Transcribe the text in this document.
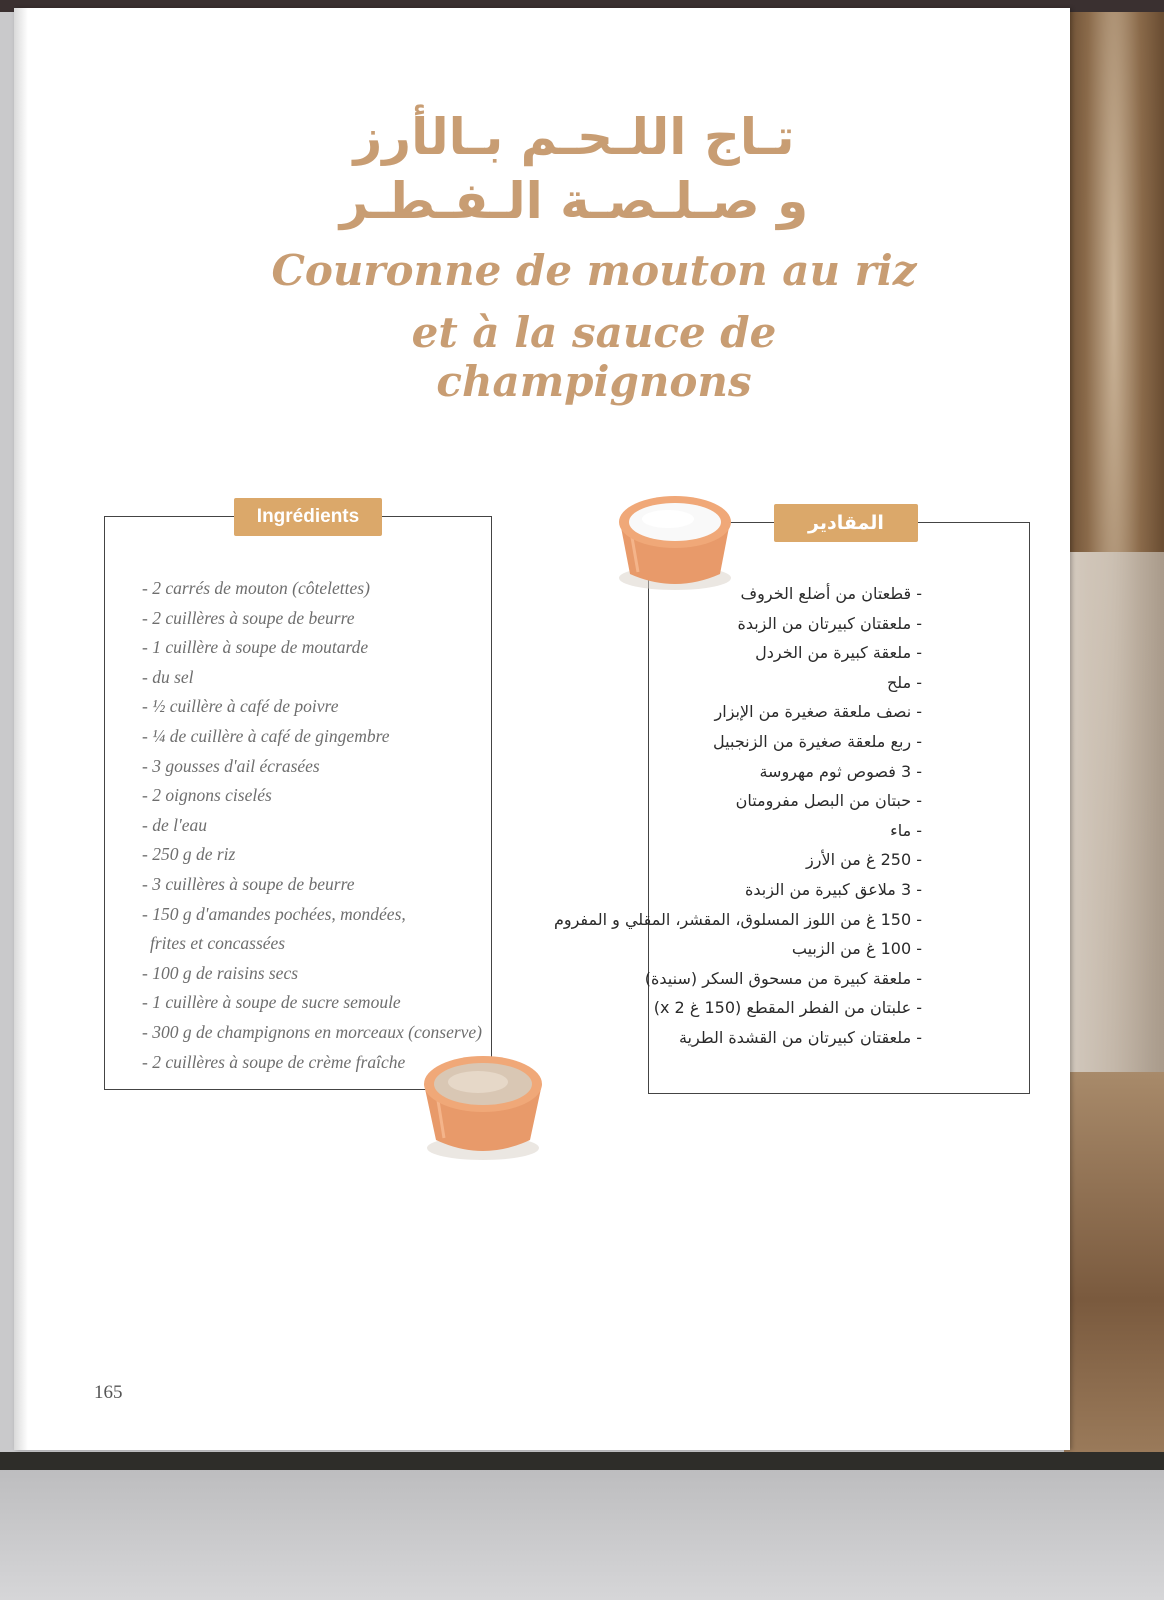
تـاج اللـحـم بـالأرز
و صـلـصـة الـفـطـر
Couronne de mouton au riz
et à la sauce de champignons
Ingrédients
- 2 carrés de mouton (côtelettes)
- 2 cuillères à soupe de beurre
- 1 cuillère à soupe de moutarde
- du sel
- ½ cuillère à café de poivre
- ¼ de cuillère à café de gingembre
- 3 gousses d'ail écrasées
- 2 oignons ciselés
- de l'eau
- 250 g de riz
- 3 cuillères à soupe de beurre
- 150 g d'amandes pochées, mondées,
frites et concassées
- 100 g de raisins secs
- 1 cuillère à soupe de sucre semoule
- 300 g de champignons en morceaux (conserve)
- 2 cuillères à soupe de crème fraîche
المقادير
- قطعتان من أضلع الخروف
- ملعقتان كبيرتان من الزبدة
- ملعقة كبيرة من الخردل
- ملح
- نصف ملعقة صغيرة من الإبزار
- ربع ملعقة صغيرة من الزنجبيل
- 3 فصوص ثوم مهروسة
- حبتان من البصل مفرومتان
- ماء
- 250 غ من الأرز
- 3 ملاعق كبيرة من الزبدة
- 150 غ من اللوز المسلوق، المقشر، المقلي و المفروم
- 100 غ من الزبيب
- ملعقة كبيرة من مسحوق السكر (سنيدة)
- علبتان من الفطر المقطع (150 غ x 2)
- ملعقتان كبيرتان من القشدة الطرية
165
